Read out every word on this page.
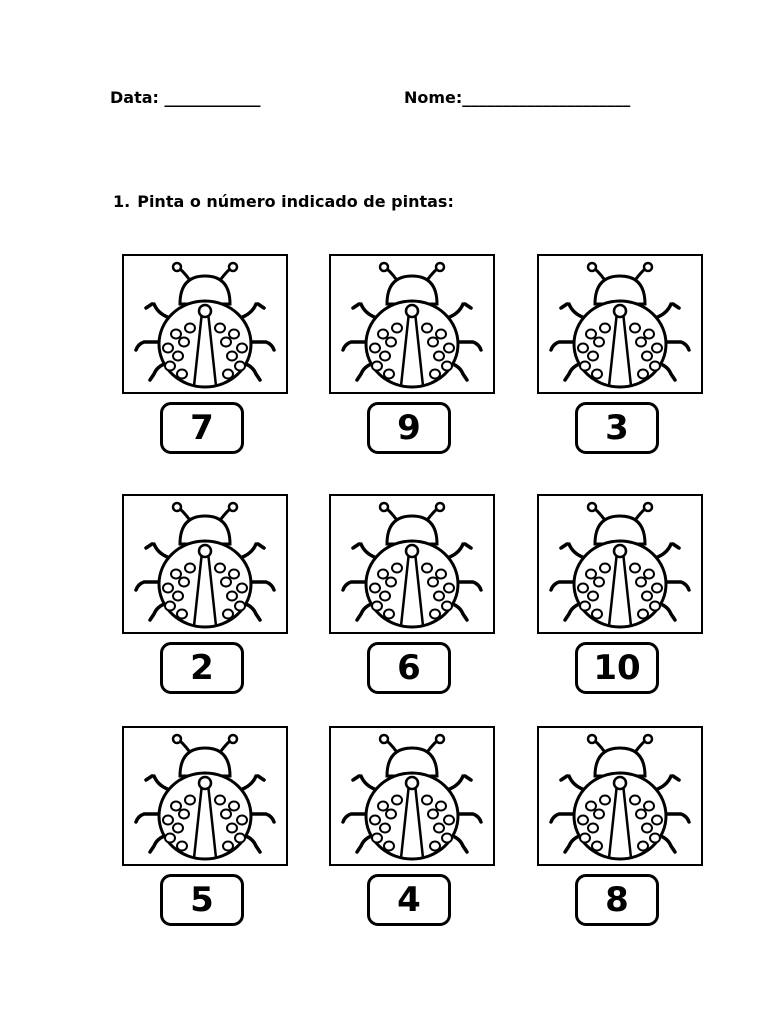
Data: ____________	Nome:_____________________
1. Pinta o número indicado de pintas:
7	9	3
2	6	10
5	4	8
